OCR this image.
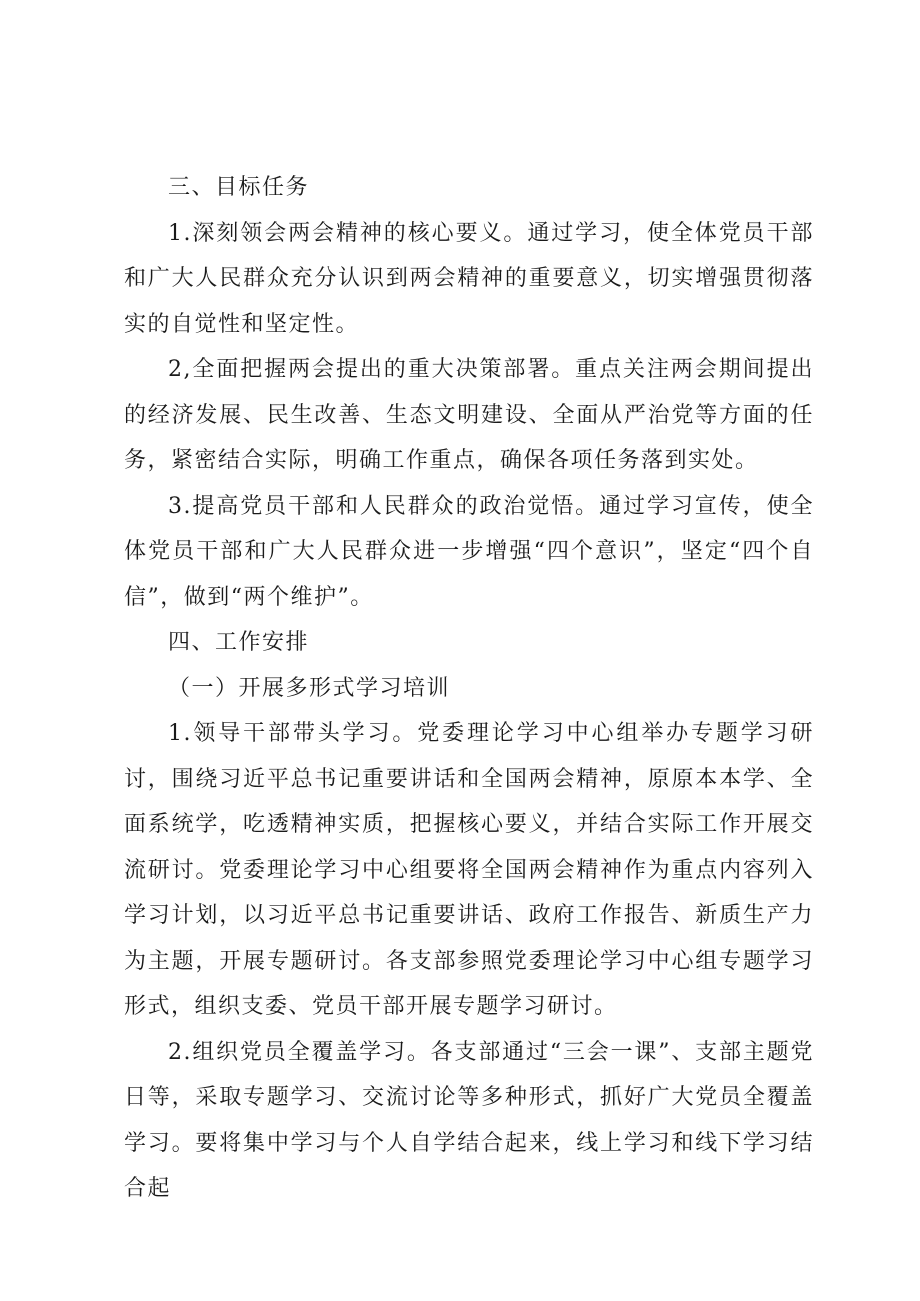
三、目标任务

1.深刻领会两会精神的核心要义。通过学习，使全体党员干部和广大人民群众充分认识到两会精神的重要意义，切实增强贯彻落实的自觉性和坚定性。

2,全面把握两会提出的重大决策部署。重点关注两会期间提出的经济发展、民生改善、生态文明建设、全面从严治党等方面的任务，紧密结合实际，明确工作重点，确保各项任务落到实处。

3.提高党员干部和人民群众的政治觉悟。通过学习宣传，使全体党员干部和广大人民群众进一步增强“四个意识”，坚定“四个自信”，做到“两个维护”。

四、工作安排

（一）开展多形式学习培训

1.领导干部带头学习。党委理论学习中心组举办专题学习研讨，围绕习近平总书记重要讲话和全国两会精神，原原本本学、全面系统学，吃透精神实质，把握核心要义，并结合实际工作开展交流研讨。党委理论学习中心组要将全国两会精神作为重点内容列入学习计划，以习近平总书记重要讲话、政府工作报告、新质生产力为主题，开展专题研讨。各支部参照党委理论学习中心组专题学习形式，组织支委、党员干部开展专题学习研讨。

2.组织党员全覆盖学习。各支部通过“三会一课”、支部主题党日等，采取专题学习、交流讨论等多种形式，抓好广大党员全覆盖学习。要将集中学习与个人自学结合起来，线上学习和线下学习结合起
